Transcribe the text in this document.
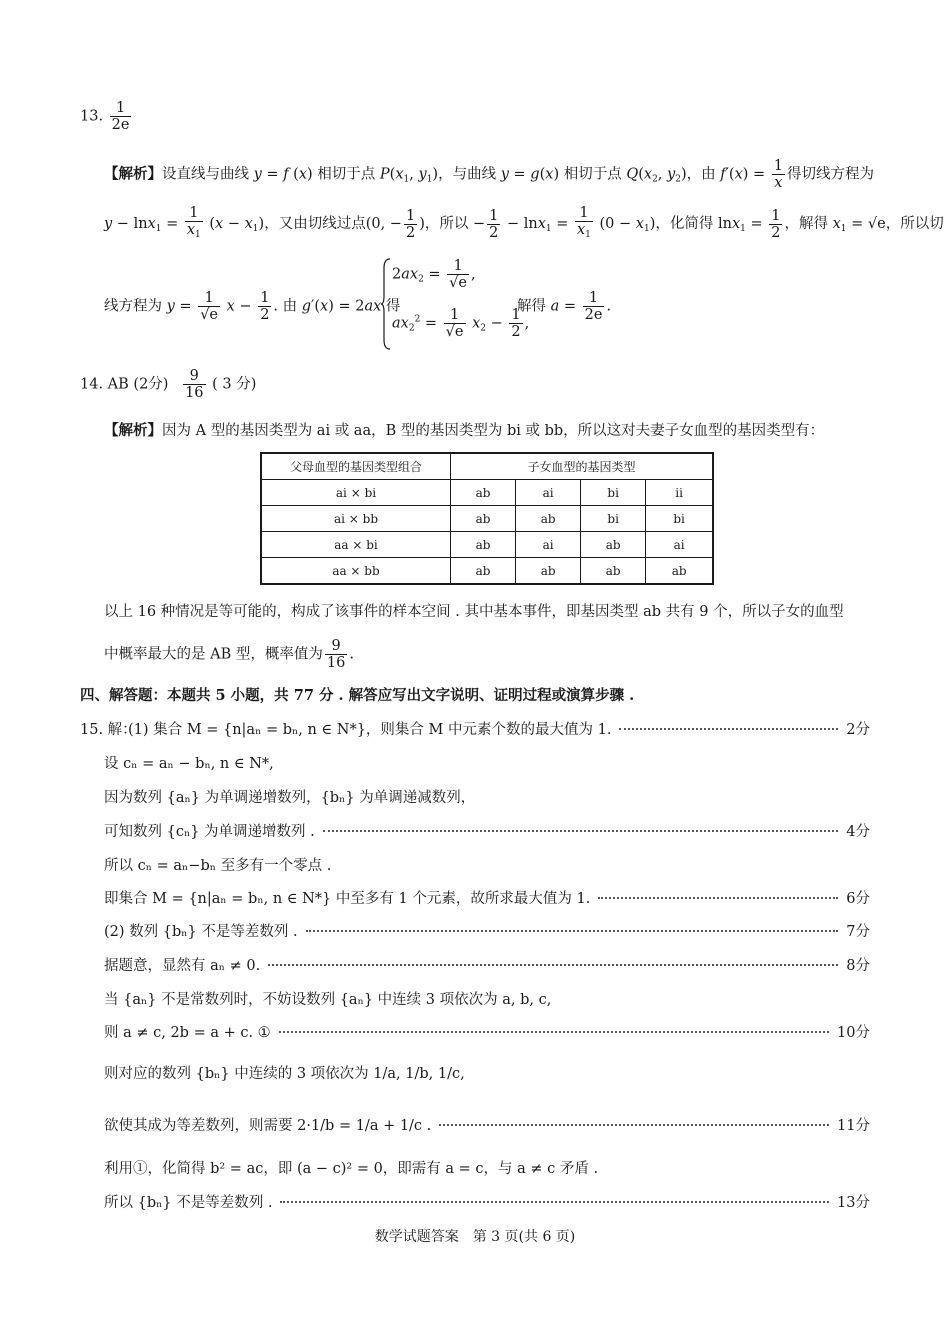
13. $\frac{1}{2e}$
【解析】设直线与曲线 y = f (x) 相切于点 $P(x_1$, $y_1$)，与曲线 y = g(x) 相切于点 $Q(x_2$, $y_2$)，由 $f'(x) = \frac{1}{x}$ 得切线方程为
$y - \ln x_1 = \frac{1}{x_1} (x - x_1)$，又由切线过点(0, − $\frac{1}{2}$ )，所以 − $\frac{1}{2} - \ln x_1 = \frac{1}{x_1} (0 - x_1)$，化简得 $\ln x_1 = \frac{1}{2}$ ，解得 $x_1 = √e$，所以切
线方程为 $y = \frac{1}{√e}$ $x - \frac{1}{2}$ . 由 g′(x) = 2ax 得
$2ax_2 = \frac{1}{√e}$ ,
$ax_2^2 = \frac{1}{√e} x_2 - \frac{1}{2}$ ,
解得 $a = \frac{1}{2e}$ .
14. AB (2分) $\frac{9}{16}$ ( 3 分)
【解析】因为 A 型的基因类型为 ai 或 aa，B 型的基因类型为 bi 或 bb，所以这对夫妻子女血型的基因类型有：
父母血型的基因类型组合	子女血型的基因类型			
ai × bi	ab	ai	bi	ii
ai × bb	ab	ab	bi	bi
aa × bi	ab	ai	ab	ai
aa × bb	ab	ab	ab	ab
以上 16 种情况是等可能的，构成了该事件的样本空间 . 其中基本事件，即基因类型 ab 共有 9 个，所以子女的血型
中概率最大的是 AB 型，概率值为 $\frac{9}{16}$ .
四、解答题：本题共 5 小题，共 77 分 . 解答应写出文字说明、证明过程或演算步骤 .
15. 解：
(1) 集合 M = {n|aₙ = bₙ, n ∈ N*}，则集合 M 中元素个数的最大值为 1.	2分
设 cₙ = aₙ − bₙ, n ∈ N*,
因为数列 {aₙ} 为单调递增数列，{bₙ} 为单调递减数列，
可知数列 {cₙ} 为单调递增数列 .	4分
所以 cₙ = aₙ−bₙ 至多有一个零点 .
即集合 M = {n|aₙ = bₙ, n ∈ N*} 中至多有 1 个元素，故所求最大值为 1.	6分
(2) 数列 {bₙ} 不是等差数列 .	7分
据题意，显然有 aₙ ≠ 0.	8分
当 {aₙ} 不是常数列时，不妨设数列 {aₙ} 中连续 3 项依次为 a, b, c,
则 a ≠ c, 2b = a + c. ①	10分
则对应的数列 {bₙ} 中连续的 3 项依次为 1/a, 1/b, 1/c,
欲使其成为等差数列，则需要 2·1/b = 1/a + 1/c .	11分
利用①，化简得 b² = ac，即 (a − c)² = 0，即需有 a = c，与 a ≠ c 矛盾 .
所以 {bₙ} 不是等差数列 .	13分
数学试题答案　第 3 页(共 6 页)
